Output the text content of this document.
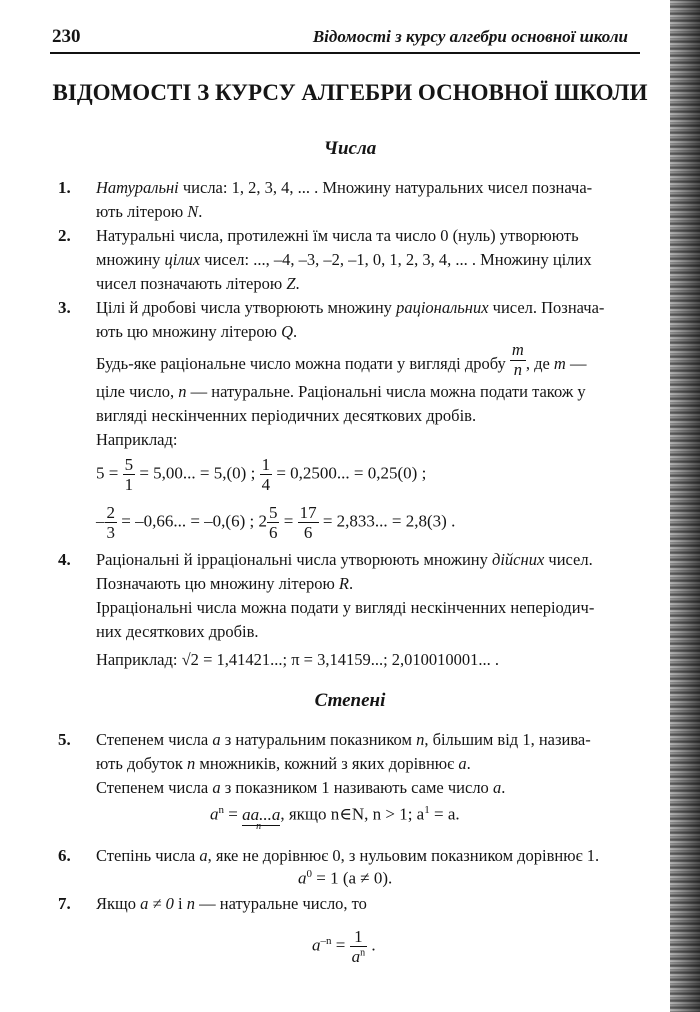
230	Відомості з курсу алгебри основної школи
ВІДОМОСТІ З КУРСУ АЛГЕБРИ ОСНОВНОЇ ШКОЛИ
Числа
1. Натуральні числа: 1, 2, 3, 4, ... . Множину натуральних чисел познача-
ють літерою N.
2. Натуральні числа, протилежні їм числа та число 0 (нуль) утворюють
множину цілих чисел: ..., –4, –3, –2, –1, 0, 1, 2, 3, 4, ... . Множину цілих
чисел позначають літерою Z.
3. Цілі й дробові числа утворюють множину раціональних чисел. Познача-
ють цю множину літерою Q.
Будь-яке раціональне число можна подати у вигляді дробу $\frac{m}{n}$ , де m —
ціле число, n — натуральне. Раціональні числа можна подати також у
вигляді нескінченних періодичних десяткових дробів.
Наприклад:
$5 = \frac{5}{1} = 5,00$... = 5,(0) ; $\frac{1}{4} = 0,2500$... = 0,25(0) ;
– $\frac{2}{3} = -0,66$... = –0,(6) ; $2 \frac{5}{6} = \frac{17}{6} = 2,833$... = 2,8(3) .
4. Раціональні й ірраціональні числа утворюють множину дійсних чисел.
Позначають цю множину літерою R.
Ірраціональні числа можна подати у вигляді нескінченних неперіодич-
них десяткових дробів.
Наприклад: √2 = 1,41421...; π = 3,14159...; 2,010010001... .
Степені
5. Степенем числа a з натуральним показником n, більшим від 1, назива-
ють добуток n множників, кожний з яких дорівнює a.
Степенем числа a з показником 1 називають саме число a.
$a^n = aa...a$
n
, якщо n∈N, n > 1; $a^1 = a$.
6. Степінь числа a, яке не дорівнює 0, з нульовим показником дорівнює 1.
$a^0 = 1$ (a ≠ 0).
7. Якщо a ≠ 0 і n — натуральне число, то
$a^{-n} = \frac{1}{a^n}$ .
